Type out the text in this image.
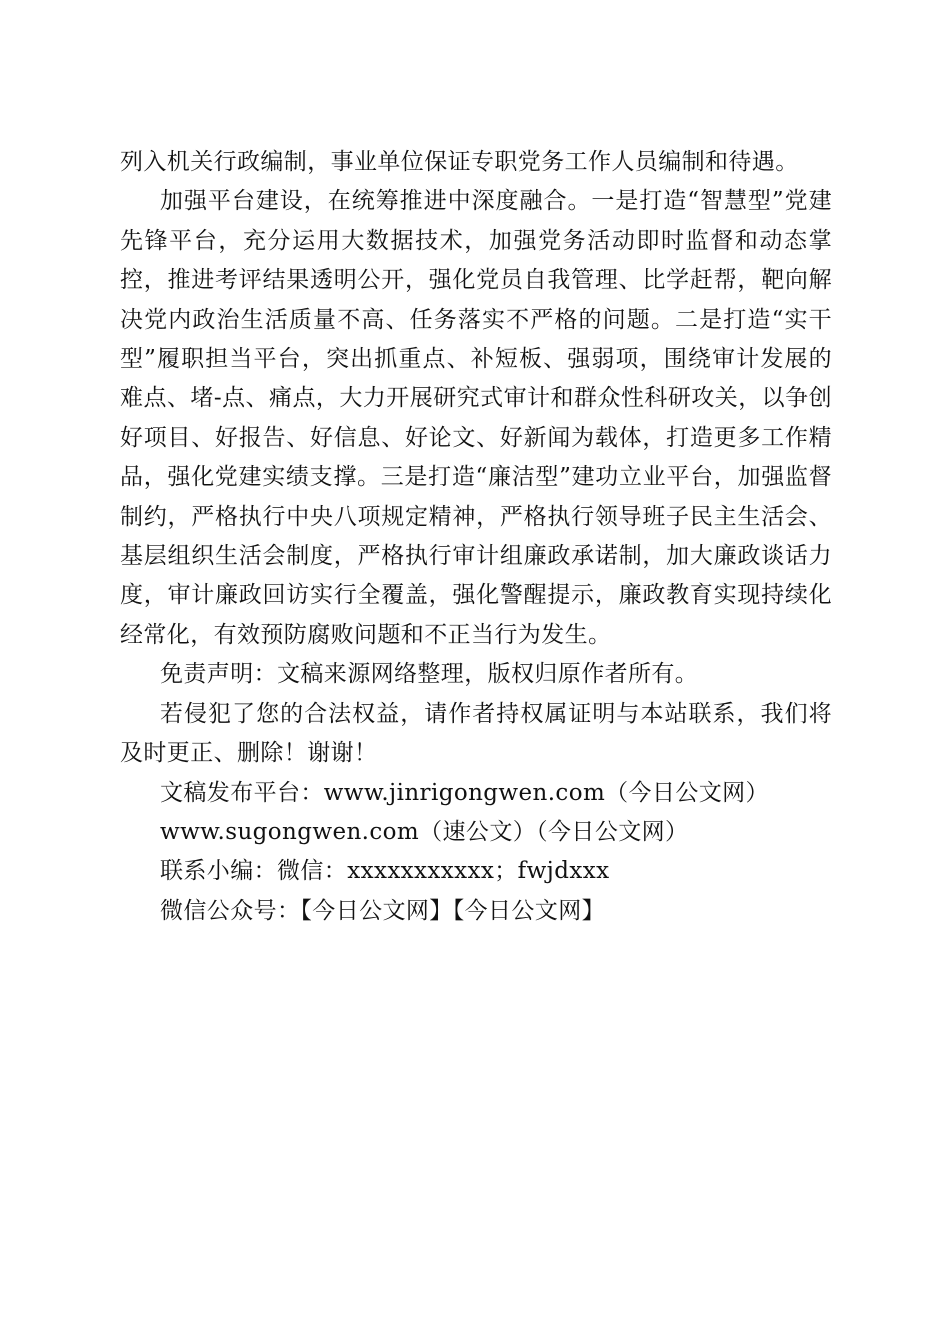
列入机关行政编制，事业单位保证专职党务工作人员编制和待遇。

加强平台建设，在统筹推进中深度融合。一是打造“智慧型”党建先锋平台，充分运用大数据技术，加强党务活动即时监督和动态掌控，推进考评结果透明公开，强化党员自我管理、比学赶帮，靶向解决党内政治生活质量不高、任务落实不严格的问题。二是打造“实干型”履职担当平台，突出抓重点、补短板、强弱项，围绕审计发展的难点、堵-点、痛点，大力开展研究式审计和群众性科研攻关，以争创好项目、好报告、好信息、好论文、好新闻为载体，打造更多工作精品，强化党建实绩支撑。三是打造“廉洁型”建功立业平台，加强监督制约，严格执行中央八项规定精神，严格执行领导班子民主生活会、基层组织生活会制度，严格执行审计组廉政承诺制，加大廉政谈话力度，审计廉政回访实行全覆盖，强化警醒提示，廉政教育实现持续化经常化，有效预防腐败问题和不正当行为发生。

免责声明：文稿来源网络整理，版权归原作者所有。

若侵犯了您的合法权益，请作者持权属证明与本站联系，我们将及时更正、删除！谢谢！

文稿发布平台：www.jinrigongwen.com（今日公文网）

www.sugongwen.com（速公文）（今日公文网）

联系小编：微信：xxxxxxxxxxx；fwjdxxx

微信公众号：【今日公文网】【今日公文网】
